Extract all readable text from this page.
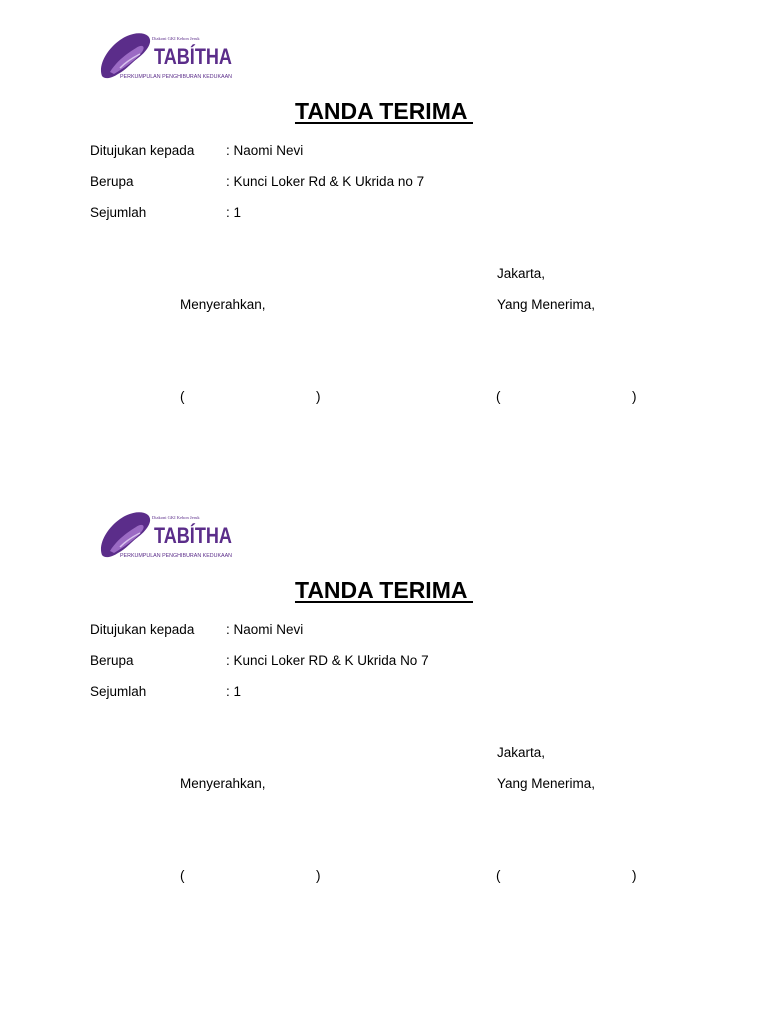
Diakoni GKI Kebon Jeruk
TABÍTHA
PERKUMPULAN PENGHIBURAN KEDUKAAN
TANDA TERIMA
Ditujukan kepada : Naomi Nevi
Berupa	: Kunci Loker Rd & K Ukrida no 7
Sejumlah	: 1
Jakarta,
Menyerahkan,	Yang Menerima,
(	)	(	)
Diakoni GKI Kebon Jeruk
TABÍTHA
PERKUMPULAN PENGHIBURAN KEDUKAAN
TANDA TERIMA
Ditujukan kepada : Naomi Nevi
Berupa	: Kunci Loker RD & K Ukrida No 7
Sejumlah	: 1
Jakarta,
Menyerahkan,	Yang Menerima,
(	)	(	)
